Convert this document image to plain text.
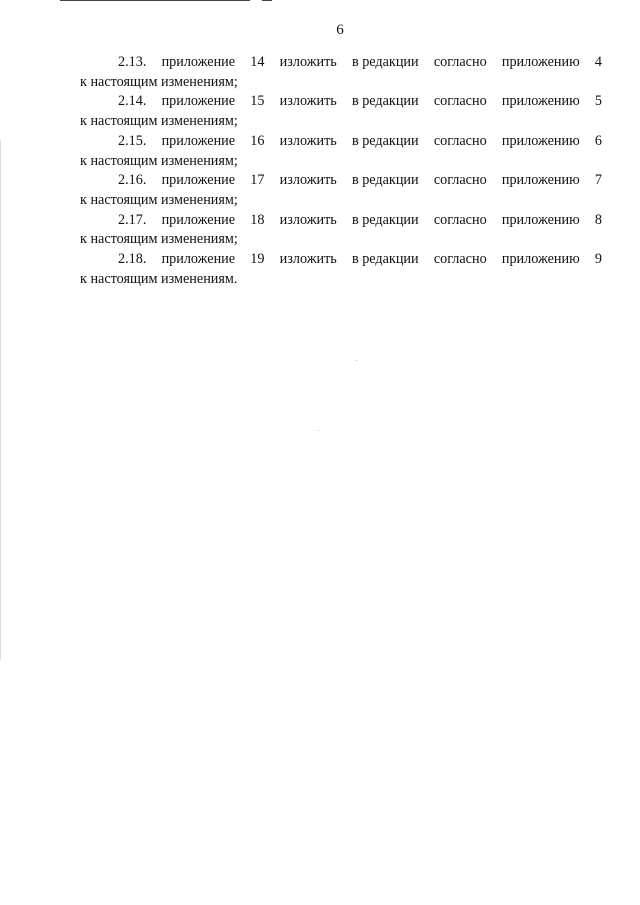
6
2.13. приложение 14 изложить в редакции согласно приложению 4
к настоящим изменениям;
2.14. приложение 15 изложить в редакции согласно приложению 5
к настоящим изменениям;
2.15. приложение 16 изложить в редакции согласно приложению 6
к настоящим изменениям;
2.16. приложение 17 изложить в редакции согласно приложению 7
к настоящим изменениям;
2.17. приложение 18 изложить в редакции согласно приложению 8
к настоящим изменениям;
2.18. приложение 19 изложить в редакции согласно приложению 9
к настоящим изменениям.
